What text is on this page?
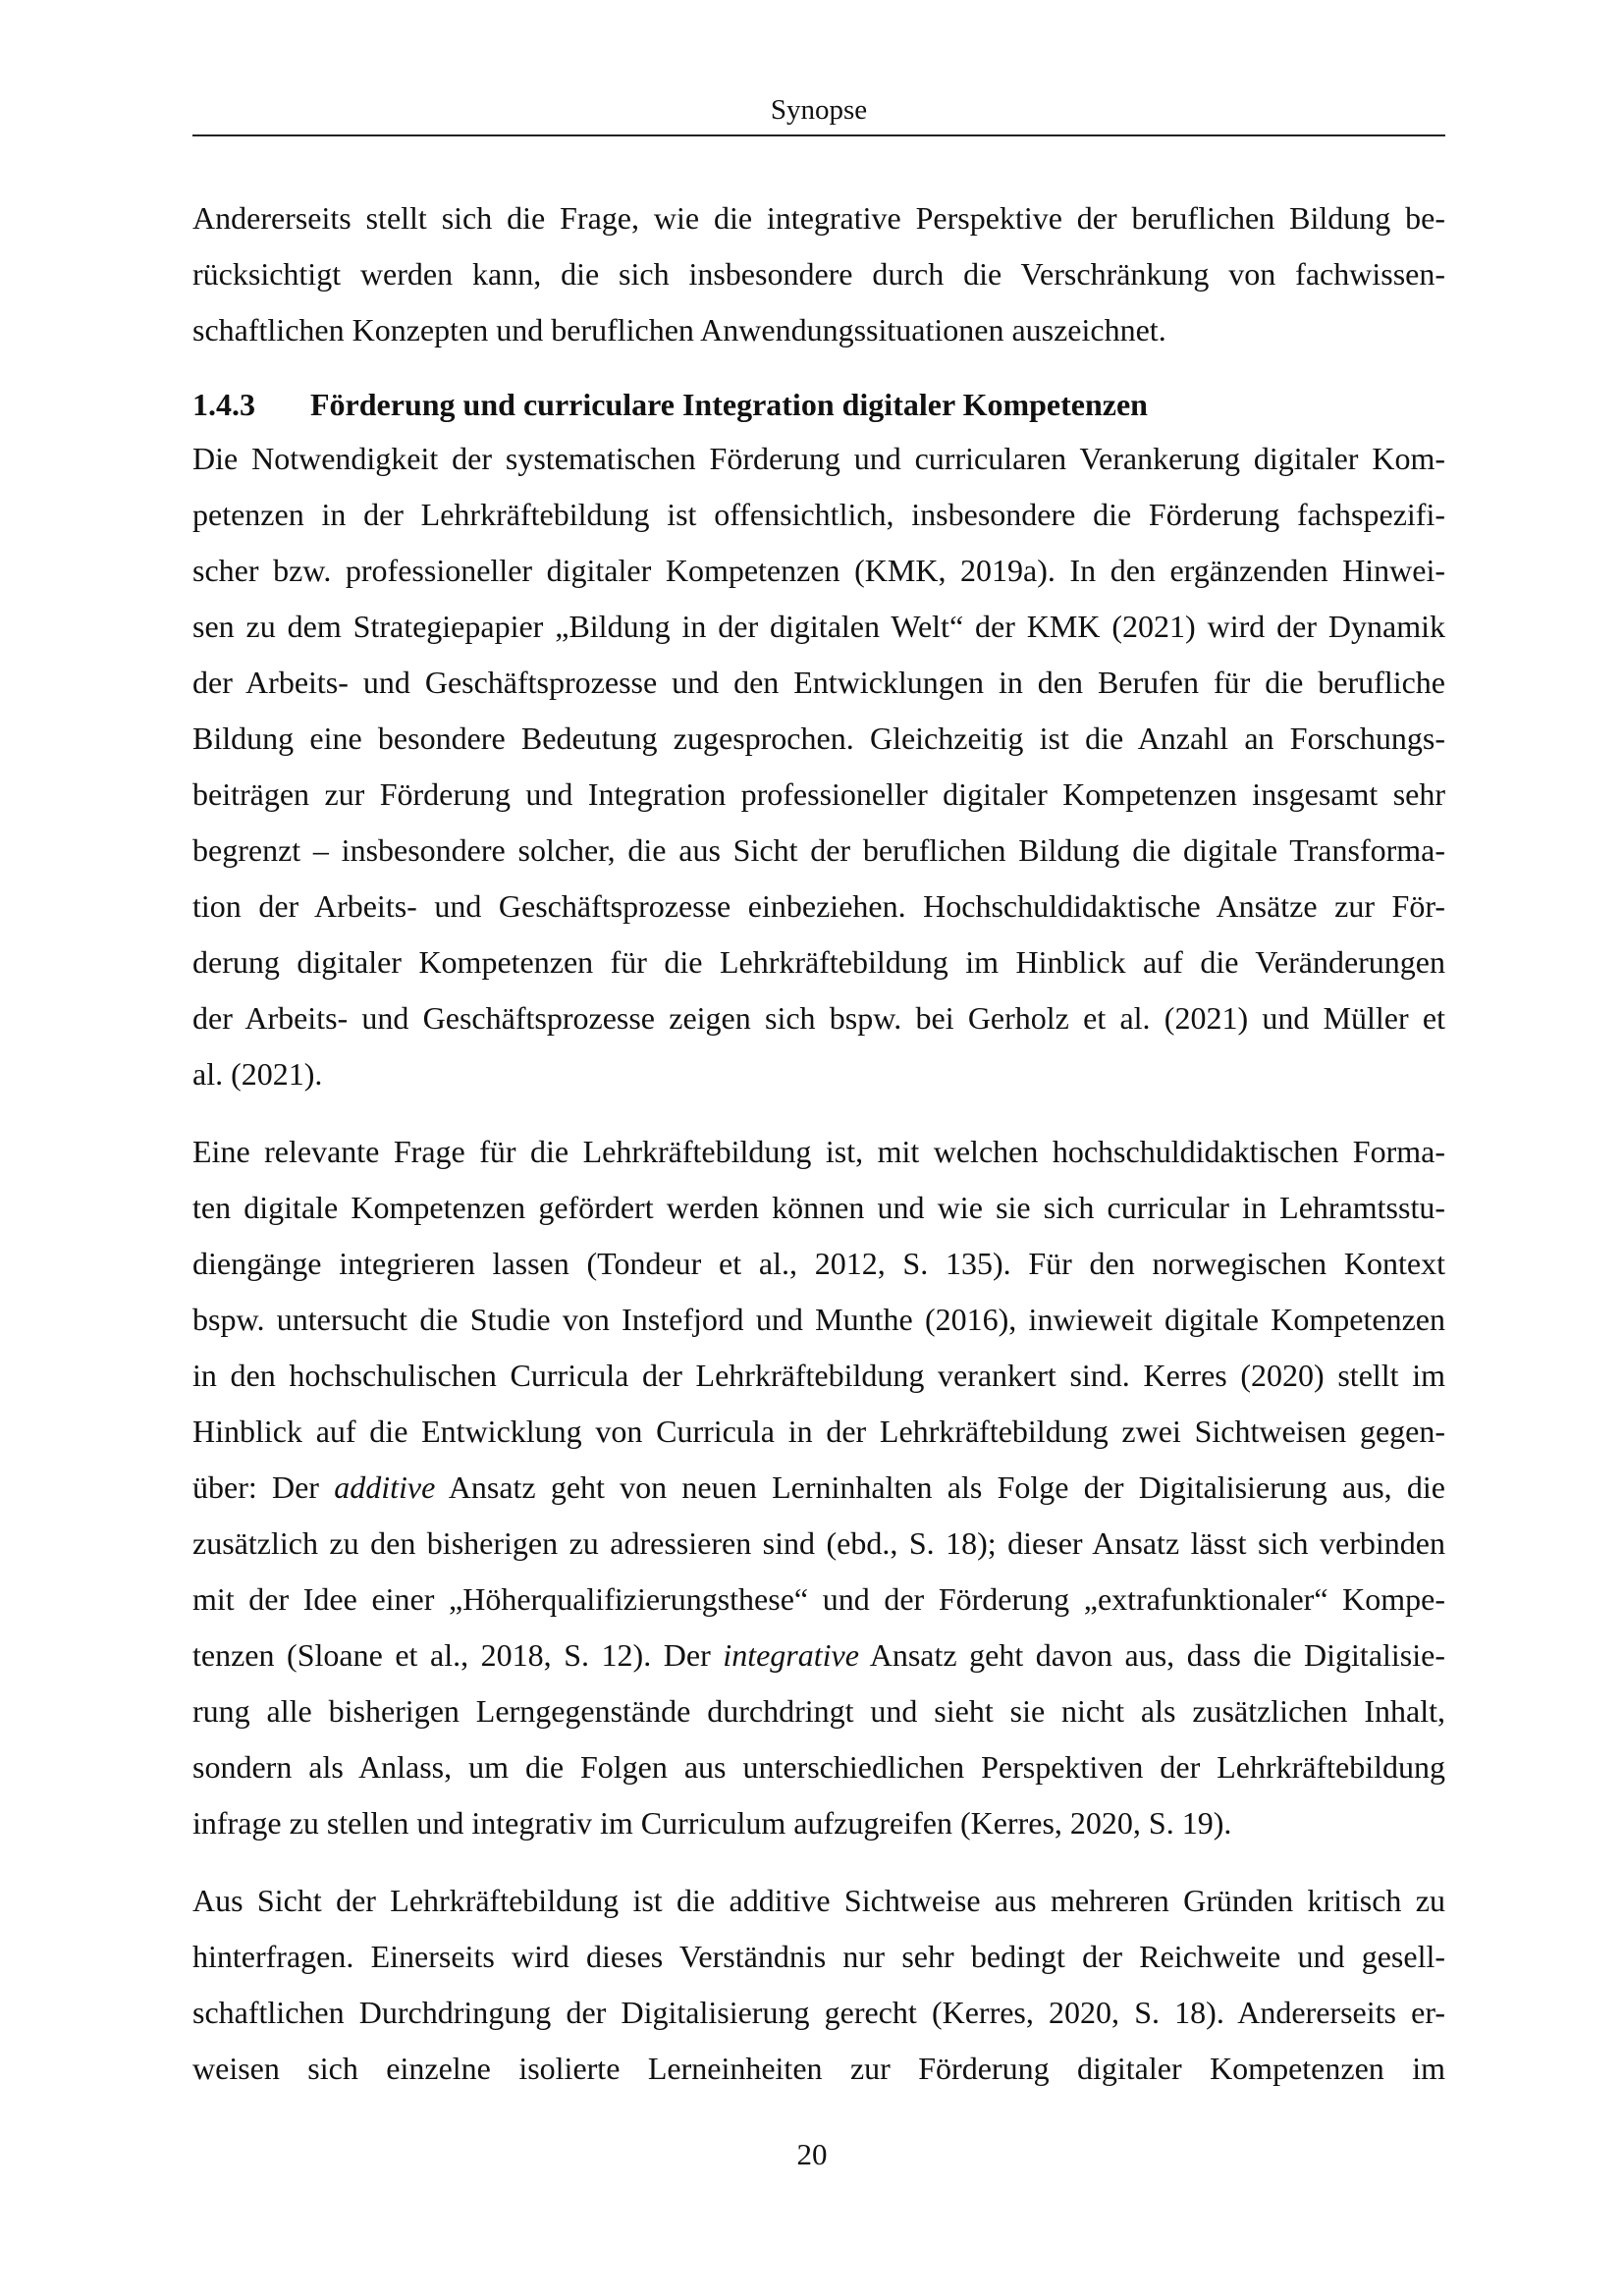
Synopse
Andererseits stellt sich die Frage, wie die integrative Perspektive der beruflichen Bildung be-
rücksichtigt werden kann, die sich insbesondere durch die Verschränkung von fachwissen-
schaftlichen Konzepten und beruflichen Anwendungssituationen auszeichnet.
1.4.3 Förderung und curriculare Integration digitaler Kompetenzen
Die Notwendigkeit der systematischen Förderung und curricularen Verankerung digitaler Kom-
petenzen in der Lehrkräftebildung ist offensichtlich, insbesondere die Förderung fachspezifi-
scher bzw. professioneller digitaler Kompetenzen (KMK, 2019a). In den ergänzenden Hinwei-
sen zu dem Strategiepapier „Bildung in der digitalen Welt“ der KMK (2021) wird der Dynamik
der Arbeits- und Geschäftsprozesse und den Entwicklungen in den Berufen für die berufliche
Bildung eine besondere Bedeutung zugesprochen. Gleichzeitig ist die Anzahl an Forschungs-
beiträgen zur Förderung und Integration professioneller digitaler Kompetenzen insgesamt sehr
begrenzt – insbesondere solcher, die aus Sicht der beruflichen Bildung die digitale Transforma-
tion der Arbeits- und Geschäftsprozesse einbeziehen. Hochschuldidaktische Ansätze zur För-
derung digitaler Kompetenzen für die Lehrkräftebildung im Hinblick auf die Veränderungen
der Arbeits- und Geschäftsprozesse zeigen sich bspw. bei Gerholz et al. (2021) und Müller et
al. (2021).
Eine relevante Frage für die Lehrkräftebildung ist, mit welchen hochschuldidaktischen Forma-
ten digitale Kompetenzen gefördert werden können und wie sie sich curricular in Lehramtsstu-
diengänge integrieren lassen (Tondeur et al., 2012, S. 135). Für den norwegischen Kontext
bspw. untersucht die Studie von Instefjord und Munthe (2016), inwieweit digitale Kompetenzen
in den hochschulischen Curricula der Lehrkräftebildung verankert sind. Kerres (2020) stellt im
Hinblick auf die Entwicklung von Curricula in der Lehrkräftebildung zwei Sichtweisen gegen-
über: Der additive Ansatz geht von neuen Lerninhalten als Folge der Digitalisierung aus, die
zusätzlich zu den bisherigen zu adressieren sind (ebd., S. 18); dieser Ansatz lässt sich verbinden
mit der Idee einer „Höherqualifizierungsthese“ und der Förderung „extrafunktionaler“ Kompe-
tenzen (Sloane et al., 2018, S. 12). Der integrative Ansatz geht davon aus, dass die Digitalisie-
rung alle bisherigen Lerngegenstände durchdringt und sieht sie nicht als zusätzlichen Inhalt,
sondern als Anlass, um die Folgen aus unterschiedlichen Perspektiven der Lehrkräftebildung
infrage zu stellen und integrativ im Curriculum aufzugreifen (Kerres, 2020, S. 19).
Aus Sicht der Lehrkräftebildung ist die additive Sichtweise aus mehreren Gründen kritisch zu
hinterfragen. Einerseits wird dieses Verständnis nur sehr bedingt der Reichweite und gesell-
schaftlichen Durchdringung der Digitalisierung gerecht (Kerres, 2020, S. 18). Andererseits er-
weisen sich einzelne isolierte Lerneinheiten zur Förderung digitaler Kompetenzen im
20
